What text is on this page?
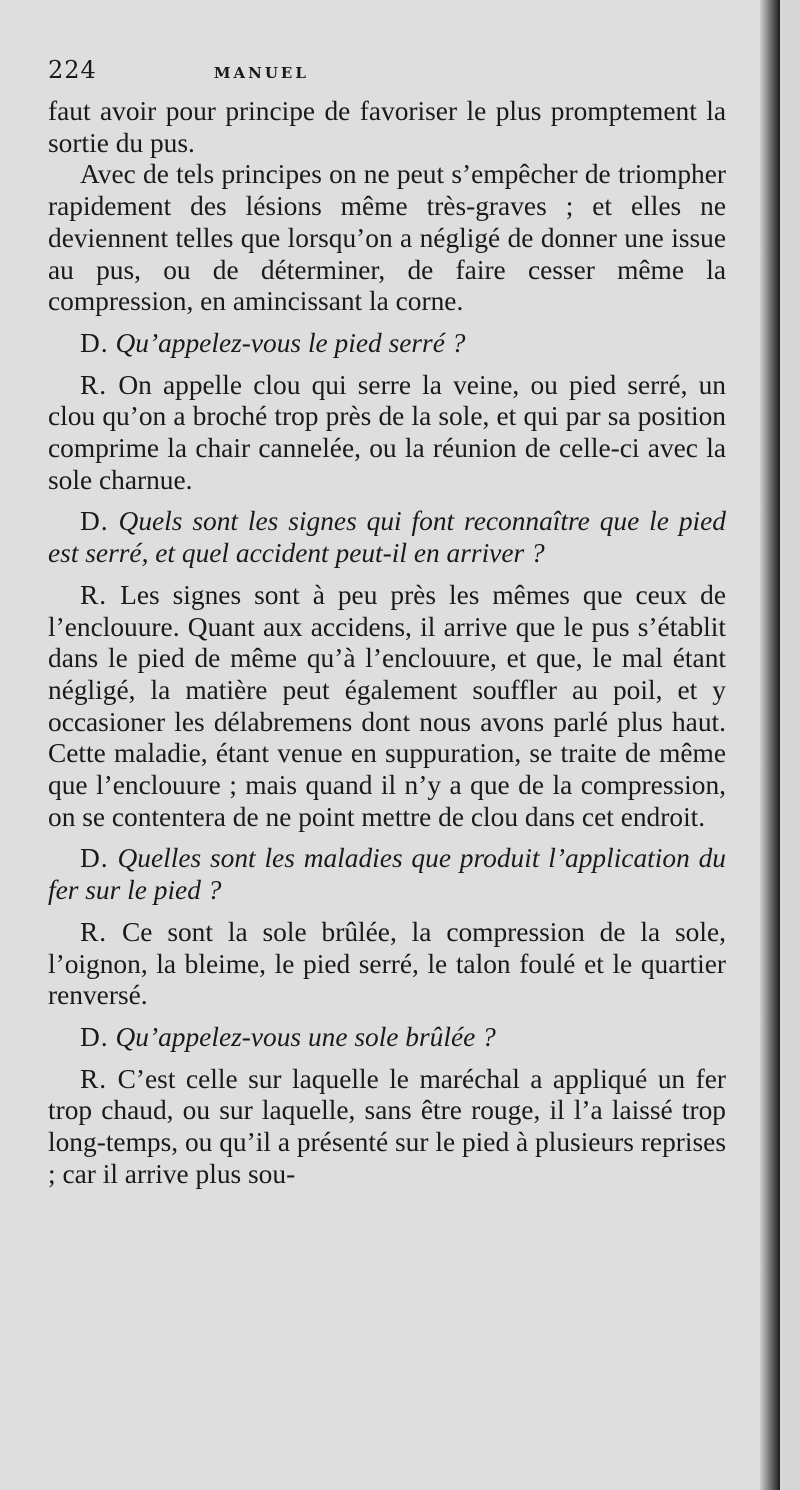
224	MANUEL

faut avoir pour principe de favoriser le plus promptement la sortie du pus.

Avec de tels principes on ne peut s’empêcher de triompher rapidement des lésions même très-graves ; et elles ne deviennent telles que lorsqu’on a négligé de donner une issue au pus, ou de déterminer, de faire cesser même la compression, en amincissant la corne.

D. Qu’appelez-vous le pied serré ?

R. On appelle clou qui serre la veine, ou pied serré, un clou qu’on a broché trop près de la sole, et qui par sa position comprime la chair cannelée, ou la réunion de celle-ci avec la sole charnue.

D. Quels sont les signes qui font reconnaître que le pied est serré, et quel accident peut-il en arriver ?

R. Les signes sont à peu près les mêmes que ceux de l’enclouure. Quant aux accidens, il arrive que le pus s’établit dans le pied de même qu’à l’enclouure, et que, le mal étant négligé, la matière peut également souffler au poil, et y occasioner les délabremens dont nous avons parlé plus haut. Cette maladie, étant venue en suppuration, se traite de même que l’enclouure ; mais quand il n’y a que de la compression, on se contentera de ne point mettre de clou dans cet endroit.

D. Quelles sont les maladies que produit l’application du fer sur le pied ?

R. Ce sont la sole brûlée, la compression de la sole, l’oignon, la bleime, le pied serré, le talon foulé et le quartier renversé.

D. Qu’appelez-vous une sole brûlée ?

R. C’est celle sur laquelle le maréchal a appliqué un fer trop chaud, ou sur laquelle, sans être rouge, il l’a laissé trop long-temps, ou qu’il a présenté sur le pied à plusieurs reprises ; car il arrive plus sou-
